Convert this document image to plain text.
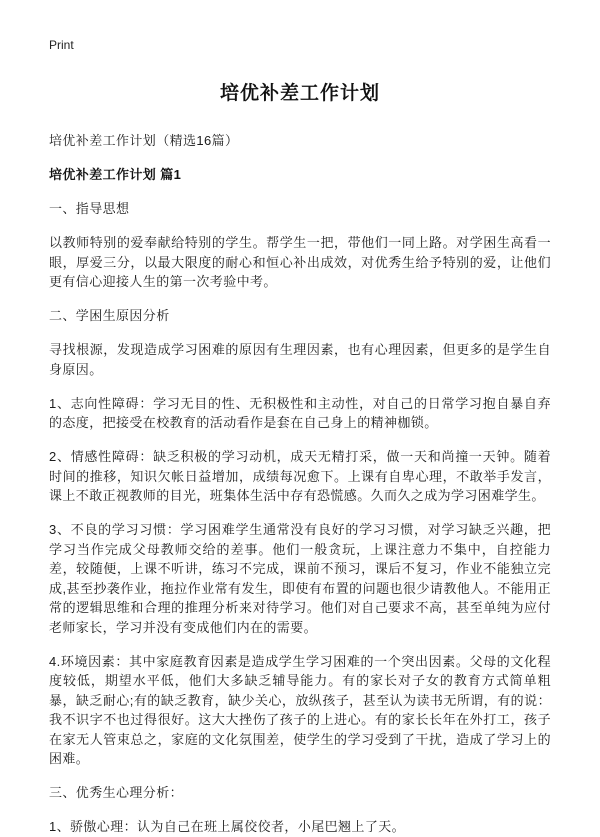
Print
培优补差工作计划

培优补差工作计划（精选16篇）

培优补差工作计划 篇1

一、指导思想

以教师特别的爱奉献给特别的学生。帮学生一把，带他们一同上路。对学困生高看一眼，厚爱三分，以最大限度的耐心和恒心补出成效，对优秀生给予特别的爱，让他们更有信心迎接人生的第一次考验中考。

二、学困生原因分析

寻找根源，发现造成学习困难的原因有生理因素，也有心理因素，但更多的是学生自身原因。

1、志向性障碍：学习无目的性、无积极性和主动性，对自己的日常学习抱自暴自弃的态度，把接受在校教育的活动看作是套在自己身上的精神枷锁。

2、情感性障碍：缺乏积极的学习动机，成天无精打采，做一天和尚撞一天钟。随着时间的推移，知识欠帐日益增加，成绩每况愈下。上课有自卑心理，不敢举手发言，课上不敢正视教师的目光，班集体生活中存有恐慌感。久而久之成为学习困难学生。

3、不良的学习习惯：学习困难学生通常没有良好的学习习惯，对学习缺乏兴趣，把学习当作完成父母教师交给的差事。他们一般贪玩，上课注意力不集中，自控能力差，较随便，上课不听讲，练习不完成，课前不预习，课后不复习，作业不能独立完成,甚至抄袭作业，拖拉作业常有发生，即使有布置的问题也很少请教他人。不能用正常的逻辑思维和合理的推理分析来对待学习。他们对自己要求不高，甚至单纯为应付老师家长，学习并没有变成他们内在的需要。

4.环境因素：其中家庭教育因素是造成学生学习困难的一个突出因素。父母的文化程度较低，期望水平低，他们大多缺乏辅导能力。有的家长对子女的教育方式简单粗暴，缺乏耐心;有的缺乏教育，缺少关心，放纵孩子，甚至认为读书无所谓，有的说：我不识字不也过得很好。这大大挫伤了孩子的上进心。有的家长长年在外打工，孩子在家无人管束总之，家庭的文化氛围差，使学生的学习受到了干扰，造成了学习上的困难。

三、优秀生心理分析：

1、骄傲心理：认为自己在班上属佼佼者，小尾巴翘上了天。
